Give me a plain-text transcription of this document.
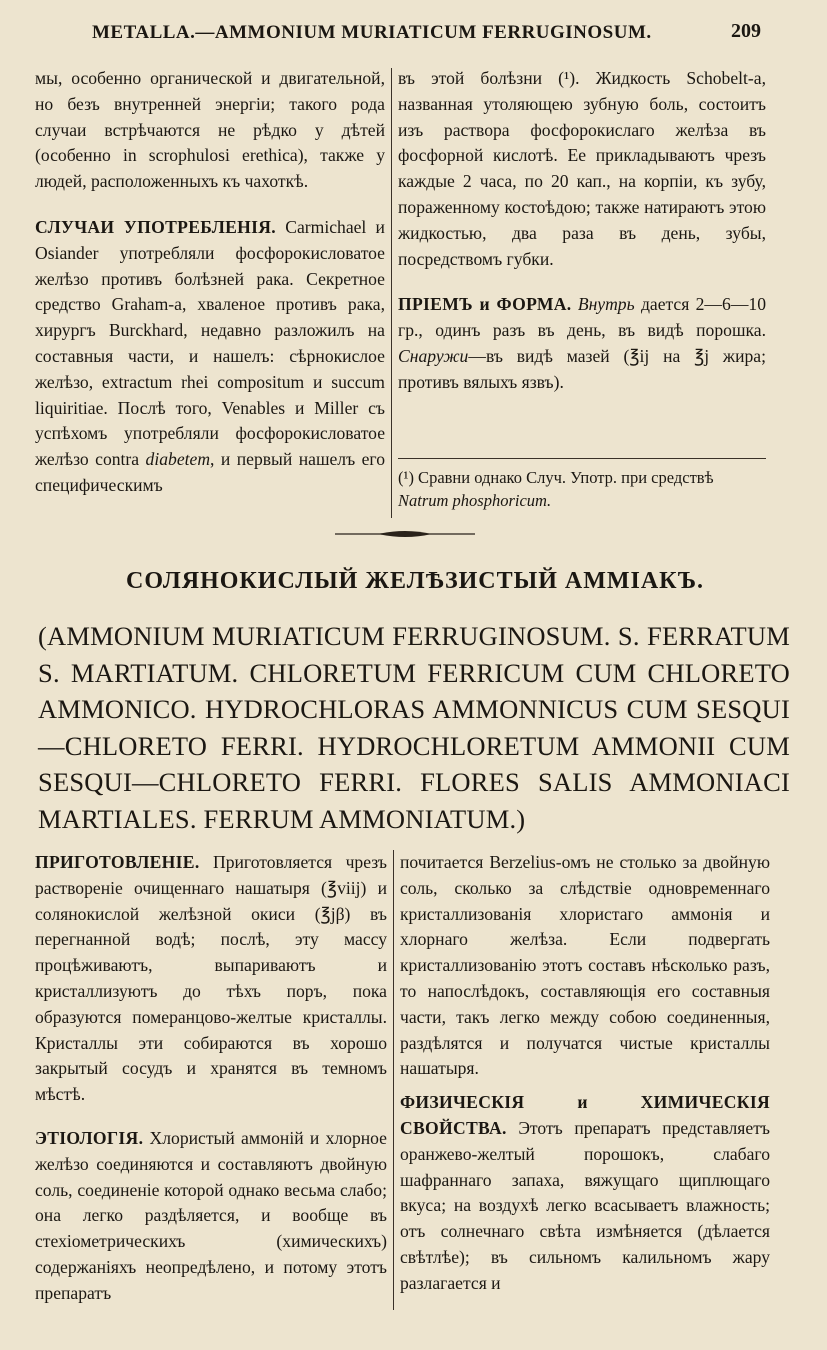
METALLA.—AMMONIUM MURIATICUM FERRUGINOSUM.	209

мы, особенно органической и двигательной, но безъ внутренней энергіи; такого рода случаи встрѣчаются не рѣдко у дѣтей (особенно in scrophulosi erethica), также у людей, расположенныхъ къ чахоткѣ.

СЛУЧАИ УПОТРЕБЛЕНІЯ. Carmichael и Osiander употребляли фосфорокисловатое желѣзо противъ болѣзней рака. Секретное средство Graham-а, хваленое противъ рака, хирургъ Burckhard, недавно разложилъ на составныя части, и нашелъ: сѣрнокислое желѣзо, extractum rhei compositum и succum liquiritiae. Послѣ того, Venables и Miller съ успѣхомъ употребляли фосфорокисловатое желѣзо contra diabetem, и первый нашелъ его специфическимъ

въ этой болѣзни (¹). Жидкость Schobelt-а, названная утоляющею зубную боль, состоитъ изъ раствора фосфорокислаго желѣза въ фосфорной кислотѣ. Ее прикладываютъ чрезъ каждые 2 часа, по 20 кап., на корпіи, къ зубу, пораженному костоѣдою; также натираютъ этою жидкостью, два раза въ день, зубы, посредствомъ губки.

ПРІЕМЪ и ФОРМА. Внутрь дается 2—6—10 гр., одинъ разъ въ день, въ видѣ порошка. Снаружи—въ видѣ мазей (℥ij на ℥j жира; противъ вялыхъ язвъ).

(¹) Сравни однако Случ. Употр. при средствѣ Natrum phosphoricum.
СОЛЯНОКИСЛЫЙ ЖЕЛѢЗИСТЫЙ АММІАКЪ.
(AMMONIUM MURIATICUM FERRUGINOSUM. S. FERRATUM S. MARTIATUM. CHLORETUM FERRICUM CUM CHLORETO AMMONICO. HYDROCHLORAS AMMONNICUS CUM SESQUI—CHLORETO FERRI. HYDROCHLORETUM AMMONII CUM SESQUI—CHLORETO FERRI. FLORES SALIS AMMONIACI MARTIALES. FERRUM AMMONIATUM.)

ПРИГОТОВЛЕНІЕ. Приготовляется чрезъ раствореніе очищеннаго нашатыря (℥viij) и солянокислой желѣзной окиси (℥jβ) въ перегнанной водѣ; послѣ, эту массу процѣживаютъ, выпариваютъ и кристаллизуютъ до тѣхъ поръ, пока образуются померанцово-желтые кристаллы. Кристаллы эти собираются въ хорошо закрытый сосудъ и хранятся въ темномъ мѣстѣ.

ЭТІОЛОГІЯ. Хлористый аммоній и хлорное желѣзо соединяются и составляютъ двойную соль, соединеніе которой однако весьма слабо; она легко раздѣляется, и вообще въ стехіометрическихъ (химическихъ) содержаніяхъ неопредѣлено, и потому этотъ препаратъ

почитается Berzelius-омъ не столько за двойную соль, сколько за слѣдствіе одновременнаго кристаллизованія хлористаго аммонія и хлорнаго желѣза. Если подвергать кристаллизованію этотъ составъ нѣсколько разъ, то напослѣдокъ, составляющія его составныя части, такъ легко между собою соединенныя, раздѣлятся и получатся чистые кристаллы нашатыря.

ФИЗИЧЕСКІЯ и ХИМИЧЕСКІЯ СВОЙСТВА. Этотъ препаратъ представляетъ оранжево-желтый порошокъ, слабаго шафраннаго запаха, вяжущаго щиплющаго вкуса; на воздухѣ легко всасываетъ влажность; отъ солнечнаго свѣта измѣняется (дѣлается свѣтлѣе); въ сильномъ калильномъ жару разлагается и
